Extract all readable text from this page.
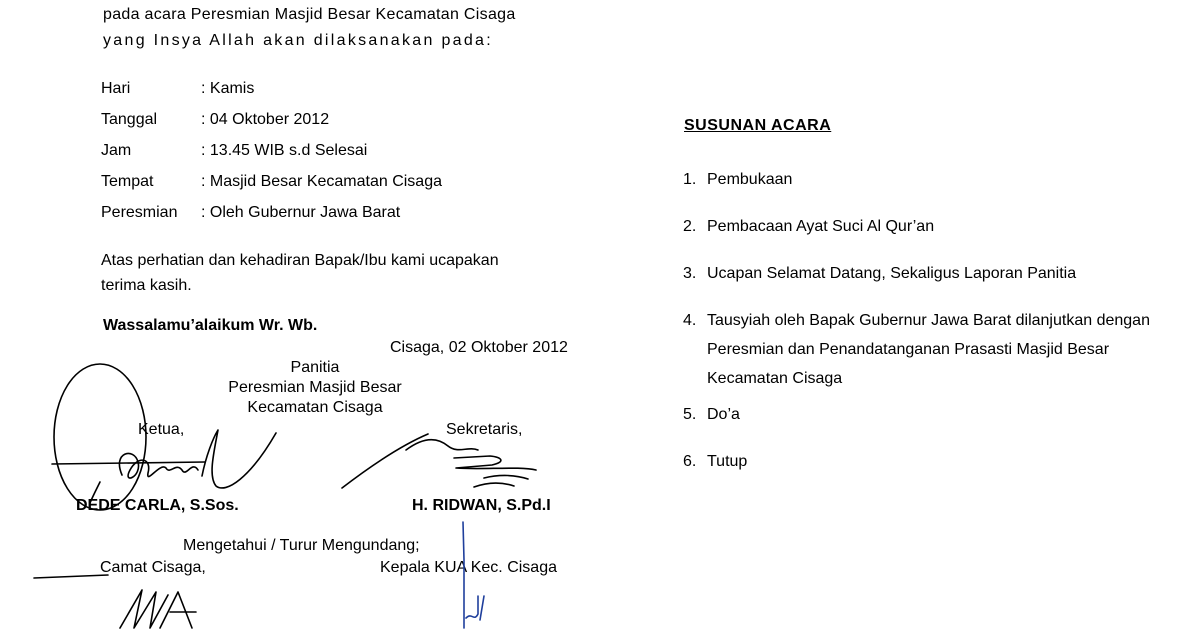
pada acara Peresmian Masjid Besar Kecamatan Cisaga
yang Insya Allah akan dilaksanakan pada:
Hari	: Kamis
Tanggal	: 04 Oktober 2012
Jam	: 13.45 WIB s.d Selesai
Tempat	: Masjid Besar Kecamatan Cisaga
Peresmian : Oleh Gubernur Jawa Barat
Atas perhatian dan kehadiran Bapak/Ibu kami ucapakan
terima kasih.
Wassalamu’alaikum Wr. Wb.
Cisaga, 02 Oktober 2012
Panitia
Peresmian Masjid Besar
Kecamatan Cisaga
Ketua,	Sekretaris,
DEDE CARLA, S.Sos.	H. RIDWAN, S.Pd.I
Mengetahui / Turur Mengundang;
Camat Cisaga,	Kepala KUA Kec. Cisaga
SUSUNAN ACARA
1. Pembukaan
2. Pembacaan Ayat Suci Al Qur’an
3. Ucapan Selamat Datang, Sekaligus Laporan Panitia
4. Tausyiah oleh Bapak Gubernur Jawa Barat dilanjutkan dengan
Peresmian dan Penandatanganan Prasasti Masjid Besar
Kecamatan Cisaga
5. Do’a
6. Tutup
